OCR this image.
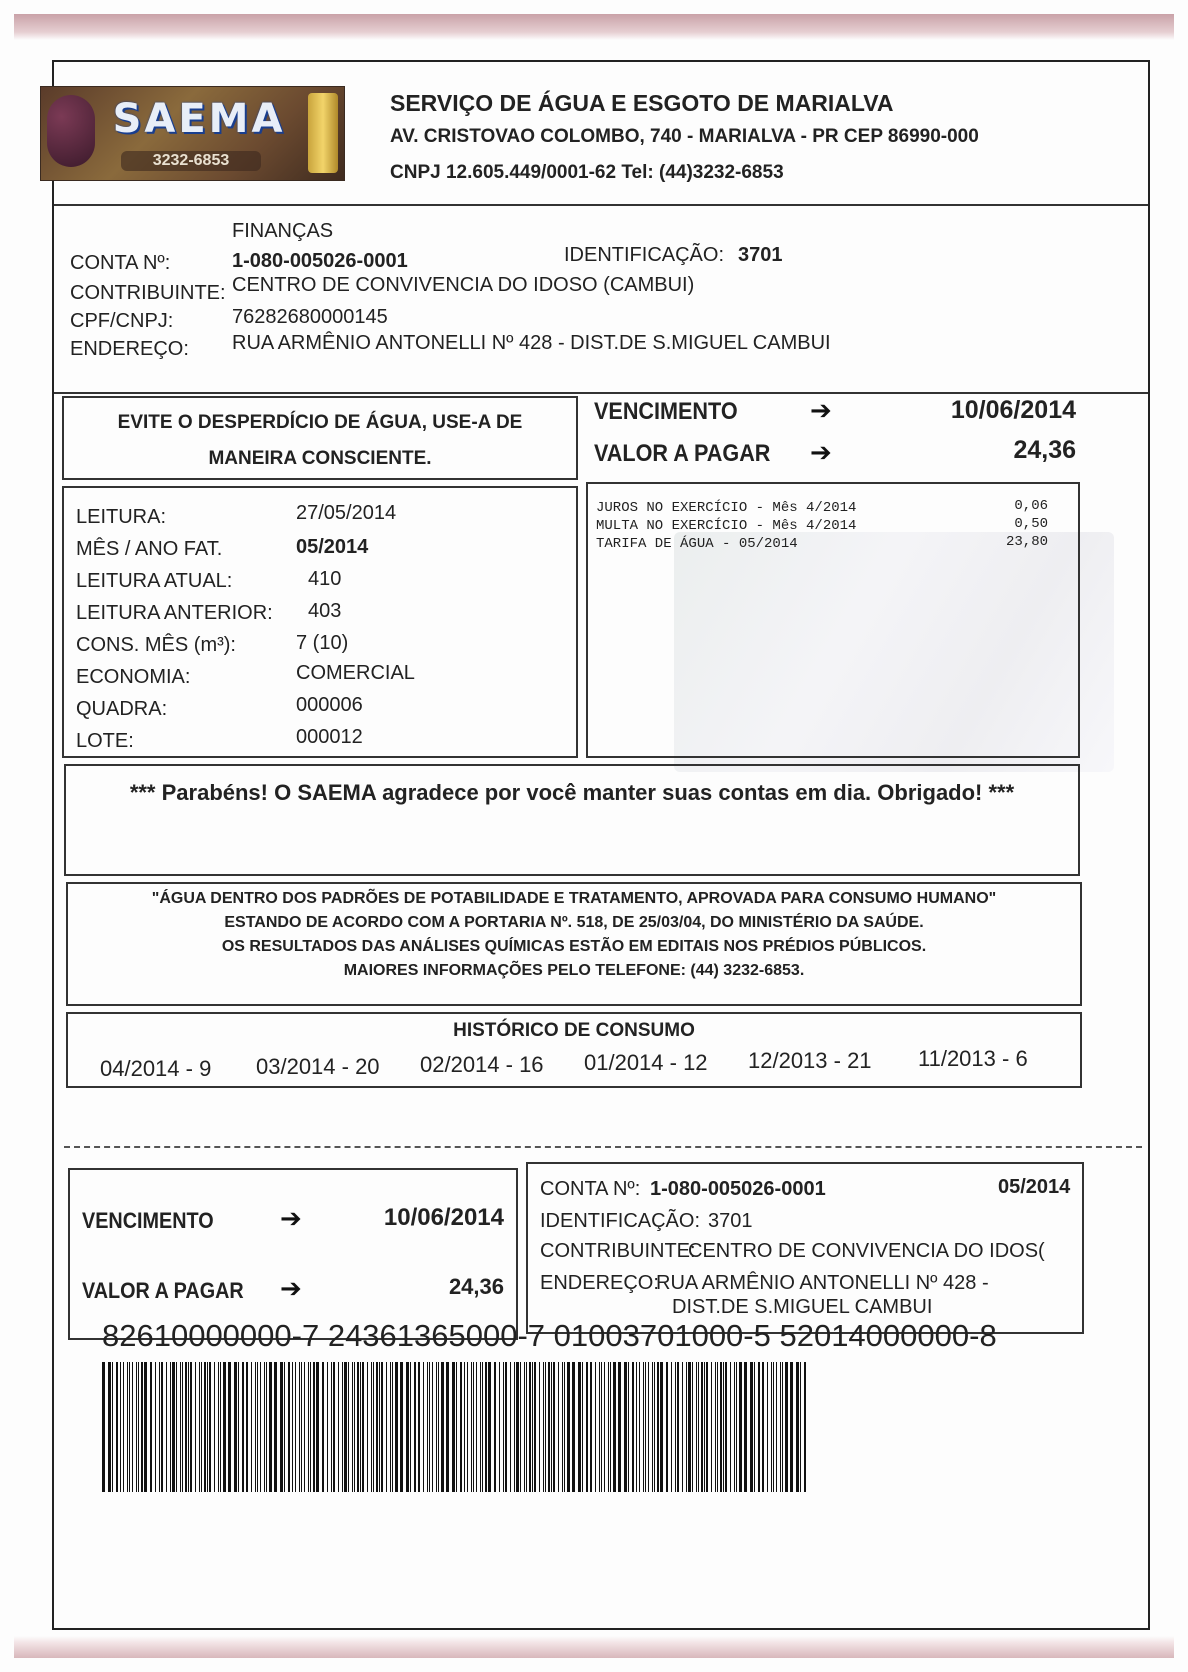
SAEMA
3232-6853
SERVIÇO DE ÁGUA E ESGOTO DE MARIALVA
AV. CRISTOVAO COLOMBO, 740 - MARIALVA - PR CEP 86990-000
CNPJ 12.605.449/0001-62 Tel: (44)3232-6853
FINANÇAS
CONTA Nº:	1-080-005026-0001	IDENTIFICAÇÃO: 3701
CONTRIBUINTE: CENTRO DE CONVIVENCIA DO IDOSO (CAMBUI)
CPF/CNPJ:	76282680000145
ENDEREÇO: RUA ARMÊNIO ANTONELLI Nº 428 - DIST.DE S.MIGUEL CAMBUI
EVITE O DESPERDÍCIO DE ÁGUA, USE-A DE
MANEIRA CONSCIENTE.
VENCIMENTO	➔	10/06/2014
VALOR A PAGAR ➔	24,36
LEITURA:	27/05/2014
MÊS / ANO FAT.	05/2014
LEITURA ATUAL:	410
LEITURA ANTERIOR: 403
CONS. MÊS (m³):	7 (10)
ECONOMIA:	COMERCIAL
QUADRA:	000006
LOTE:	000012
JUROS NO EXERCÍCIO - Mês 4/2014	0,06
MULTA NO EXERCÍCIO - Mês 4/2014	0,50
TARIFA DE ÁGUA - 05/2014	23,80
*** Parabéns! O SAEMA agradece por você manter suas contas em dia. Obrigado! ***
"ÁGUA DENTRO DOS PADRÕES DE POTABILIDADE E TRATAMENTO, APROVADA PARA CONSUMO HUMANO"
ESTANDO DE ACORDO COM A PORTARIA Nº. 518, DE 25/03/04, DO MINISTÉRIO DA SAÚDE.
OS RESULTADOS DAS ANÁLISES QUÍMICAS ESTÃO EM EDITAIS NOS PRÉDIOS PÚBLICOS.
MAIORES INFORMAÇÕES PELO TELEFONE: (44) 3232-6853.
HISTÓRICO DE CONSUMO
04/2014 - 9 03/2014 - 20 02/2014 - 16 01/2014 - 12 12/2013 - 21 11/2013 - 6
VENCIMENTO	➔	10/06/2014
VALOR A PAGAR ➔	24,36
CONTA Nº: 1-080-005026-0001	05/2014
IDENTIFICAÇÃO: 3701
CONTRIBUINTE:
CENTRO DE CONVIVENCIA DO IDOS(
ENDEREÇO:
RUA ARMÊNIO ANTONELLI Nº 428 -
DIST.DE S.MIGUEL CAMBUI
82610000000-7 24361365000-7 01003701000-5 52014000000-8
